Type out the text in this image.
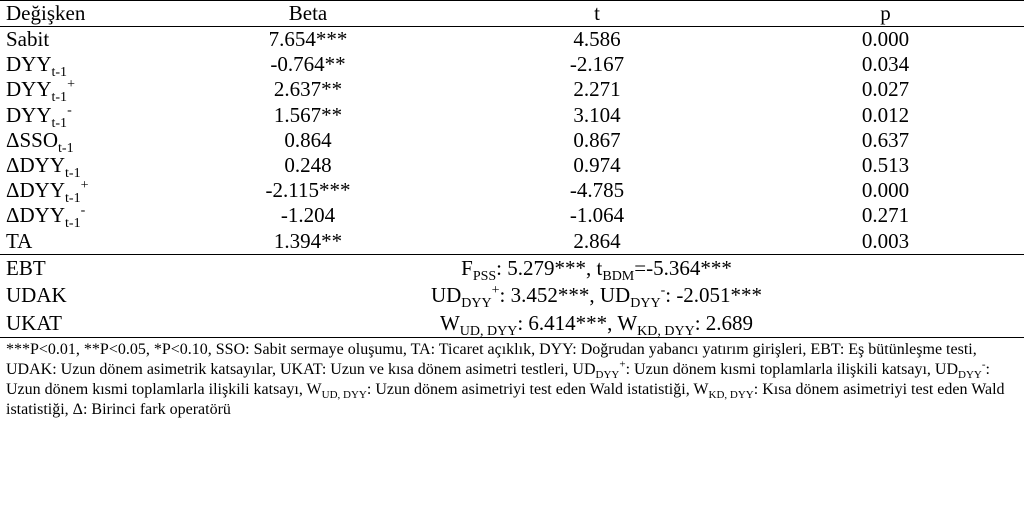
Değişken	Beta	t	p
Sabit	7.654***	4.586	0.000
$DYY_{t-1}$	-0.764**	-2.167	0.034
$DYY_{t-1}^+$	2.637**	2.271	0.027
$DYY_{t-1}^-$	1.567**	3.104	0.012
$\Delta SSO_{t-1}$	0.864	0.867	0.637
$\Delta DYY_{t-1}$	0.248	0.974	0.513
$\Delta DYY_{t-1}^+$	-2.115***	-4.785	0.000
$\Delta DYY_{t-1}^-$	-1.204	-1.064	0.271
TA	1.394**	2.864	0.003
EBT	$F_{PSS}$: 5.279***, $t_{BDM}=-5.364***$		
UDAK	$UD_{DYY}^+$: 3.452***, $UD_{DYY}^-$: -2.051***		
UKAT	$W_{UD, DYY}$: 6.414***, $W_{KD, DYY}$: 2.689		
***P<0.01, **P<0.05, *P<0.10, SSO: Sabit sermaye oluşumu, TA: Ticaret açıklık, DYY: Doğrudan yabancı yatırım girişleri, EBT: Eş bütünleşme testi, UDAK: Uzun dönem asimetrik katsayılar, UKAT: Uzun ve kısa dönem asimetri testleri, $UD_{DYY}^+$: Uzun dönem kısmi toplamlarla ilişkili katsayı, $UD_{DYY}^-$: Uzun dönem kısmi toplamlarla ilişkili katsayı, $W_{UD, DYY}$: Uzun dönem asimetriyi test eden Wald istatistiği, $W_{KD, DYY}$: Kısa dönem asimetriyi test eden Wald istatistiği, Δ: Birinci fark operatörü			
